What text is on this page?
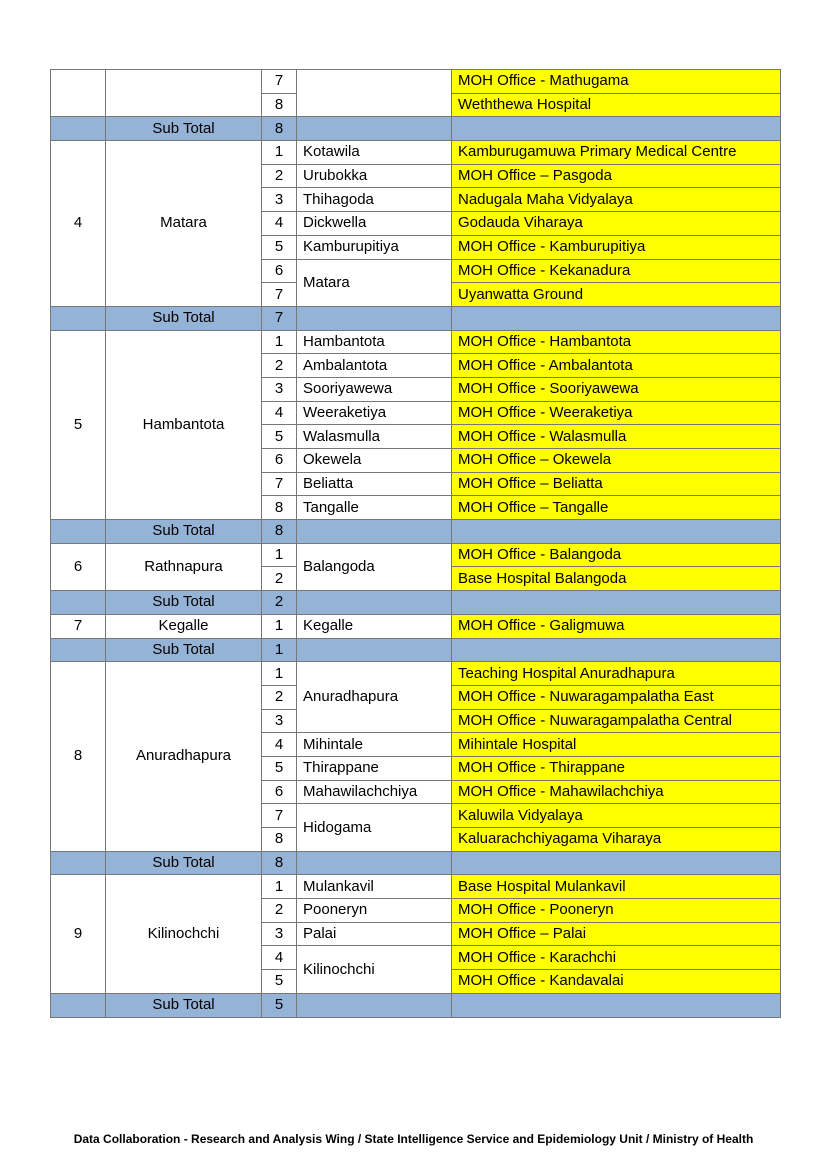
		7		MOH Office - Mathugama
		8		Weththewa Hospital
	Sub Total	8		
4	Matara	1	Kotawila	Kamburugamuwa Primary Medical Centre
		2	Urubokka	MOH Office – Pasgoda
		3	Thihagoda	Nadugala Maha Vidyalaya
		4	Dickwella	Godauda Viharaya
		5	Kamburupitiya	MOH Office - Kamburupitiya
		6	Matara	MOH Office - Kekanadura
		7		Uyanwatta Ground
	Sub Total	7		
5	Hambantota	1	Hambantota	MOH Office - Hambantota
		2	Ambalantota	MOH Office - Ambalantota
		3	Sooriyawewa	MOH Office - Sooriyawewa
		4	Weeraketiya	MOH Office - Weeraketiya
		5	Walasmulla	MOH Office - Walasmulla
		6	Okewela	MOH Office – Okewela
		7	Beliatta	MOH Office – Beliatta
		8	Tangalle	MOH Office – Tangalle
	Sub Total	8		
6	Rathnapura	1	Balangoda	MOH Office - Balangoda
		2		Base Hospital Balangoda
	Sub Total	2		
7	Kegalle	1	Kegalle	MOH Office - Galigmuwa
	Sub Total	1		
8	Anuradhapura	1	Anuradhapura	Teaching Hospital Anuradhapura
		2		MOH Office - Nuwaragampalatha East
		3		MOH Office - Nuwaragampalatha Central
		4	Mihintale	Mihintale Hospital
		5	Thirappane	MOH Office - Thirappane
		6	Mahawilachchiya	MOH Office - Mahawilachchiya
		7	Hidogama	Kaluwila Vidyalaya
		8		Kaluarachchiyagama Viharaya
	Sub Total	8		
9	Kilinochchi	1	Mulankavil	Base Hospital Mulankavil
		2	Pooneryn	MOH Office - Pooneryn
		3	Palai	MOH Office – Palai
		4	Kilinochchi	MOH Office - Karachchi
		5		MOH Office - Kandavalai
	Sub Total	5		
Data Collaboration - Research and Analysis Wing / State Intelligence Service and Epidemiology Unit / Ministry of Health
